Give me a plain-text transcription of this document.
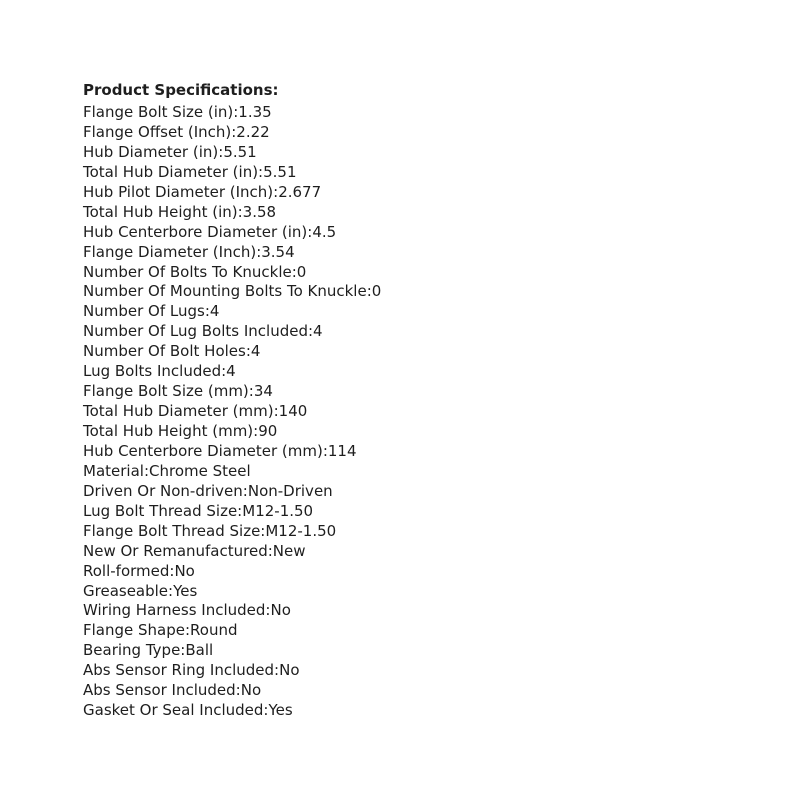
Product Specifications:
Flange Bolt Size (in):1.35
Flange Offset (Inch):2.22
Hub Diameter (in):5.51
Total Hub Diameter (in):5.51
Hub Pilot Diameter (Inch):2.677
Total Hub Height (in):3.58
Hub Centerbore Diameter (in):4.5
Flange Diameter (Inch):3.54
Number Of Bolts To Knuckle:0
Number Of Mounting Bolts To Knuckle:0
Number Of Lugs:4
Number Of Lug Bolts Included:4
Number Of Bolt Holes:4
Lug Bolts Included:4
Flange Bolt Size (mm):34
Total Hub Diameter (mm):140
Total Hub Height (mm):90
Hub Centerbore Diameter (mm):114
Material:Chrome Steel
Driven Or Non-driven:Non-Driven
Lug Bolt Thread Size:M12-1.50
Flange Bolt Thread Size:M12-1.50
New Or Remanufactured:New
Roll-formed:No
Greaseable:Yes
Wiring Harness Included:No
Flange Shape:Round
Bearing Type:Ball
Abs Sensor Ring Included:No
Abs Sensor Included:No
Gasket Or Seal Included:Yes
